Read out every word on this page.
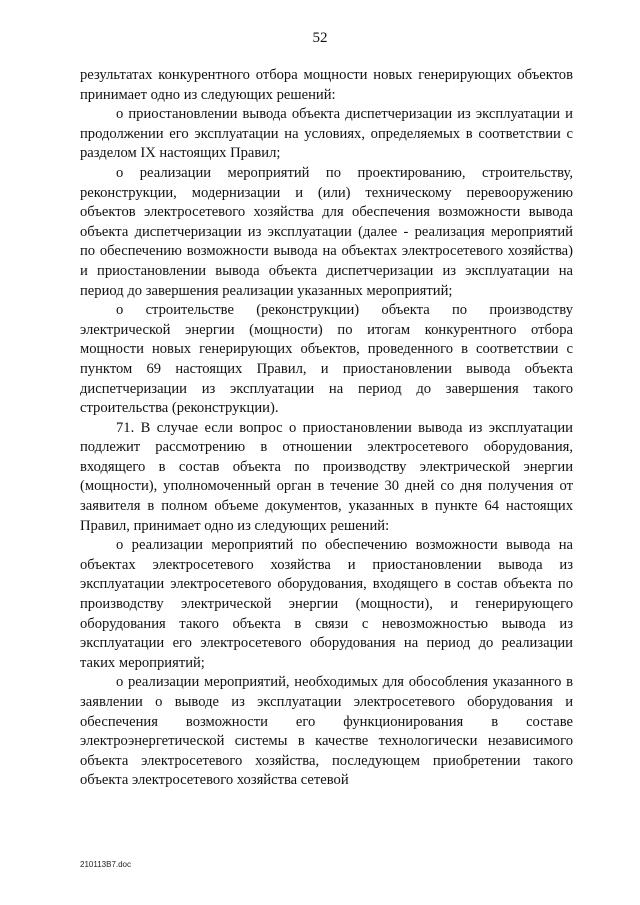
52

результатах конкурентного отбора мощности новых генерирующих объектов принимает одно из следующих решений:

о приостановлении вывода объекта диспетчеризации из эксплуатации и продолжении его эксплуатации на условиях, определяемых в соответствии с разделом IX настоящих Правил;

о реализации мероприятий по проектированию, строительству, реконструкции, модернизации и (или) техническому перевооружению объектов электросетевого хозяйства для обеспечения возможности вывода объекта диспетчеризации из эксплуатации (далее - реализация мероприятий по обеспечению возможности вывода на объектах электросетевого хозяйства) и приостановлении вывода объекта диспетчеризации из эксплуатации на период до завершения реализации указанных мероприятий;

о строительстве (реконструкции) объекта по производству электрической энергии (мощности) по итогам конкурентного отбора мощности новых генерирующих объектов, проведенного в соответствии с пунктом 69 настоящих Правил, и приостановлении вывода объекта диспетчеризации из эксплуатации на период до завершения такого строительства (реконструкции).

71. В случае если вопрос о приостановлении вывода из эксплуатации подлежит рассмотрению в отношении электросетевого оборудования, входящего в состав объекта по производству электрической энергии (мощности), уполномоченный орган в течение 30 дней со дня получения от заявителя в полном объеме документов, указанных в пункте 64 настоящих Правил, принимает одно из следующих решений:

о реализации мероприятий по обеспечению возможности вывода на объектах электросетевого хозяйства и приостановлении вывода из эксплуатации электросетевого оборудования, входящего в состав объекта по производству электрической энергии (мощности), и генерирующего оборудования такого объекта в связи с невозможностью вывода из эксплуатации его электросетевого оборудования на период до реализации таких мероприятий;

о реализации мероприятий, необходимых для обособления указанного в заявлении о выводе из эксплуатации электросетевого оборудования и обеспечения возможности его функционирования в составе электроэнергетической системы в качестве технологически независимого объекта электросетевого хозяйства, последующем приобретении такого объекта электросетевого хозяйства сетевой

210113B7.doc
